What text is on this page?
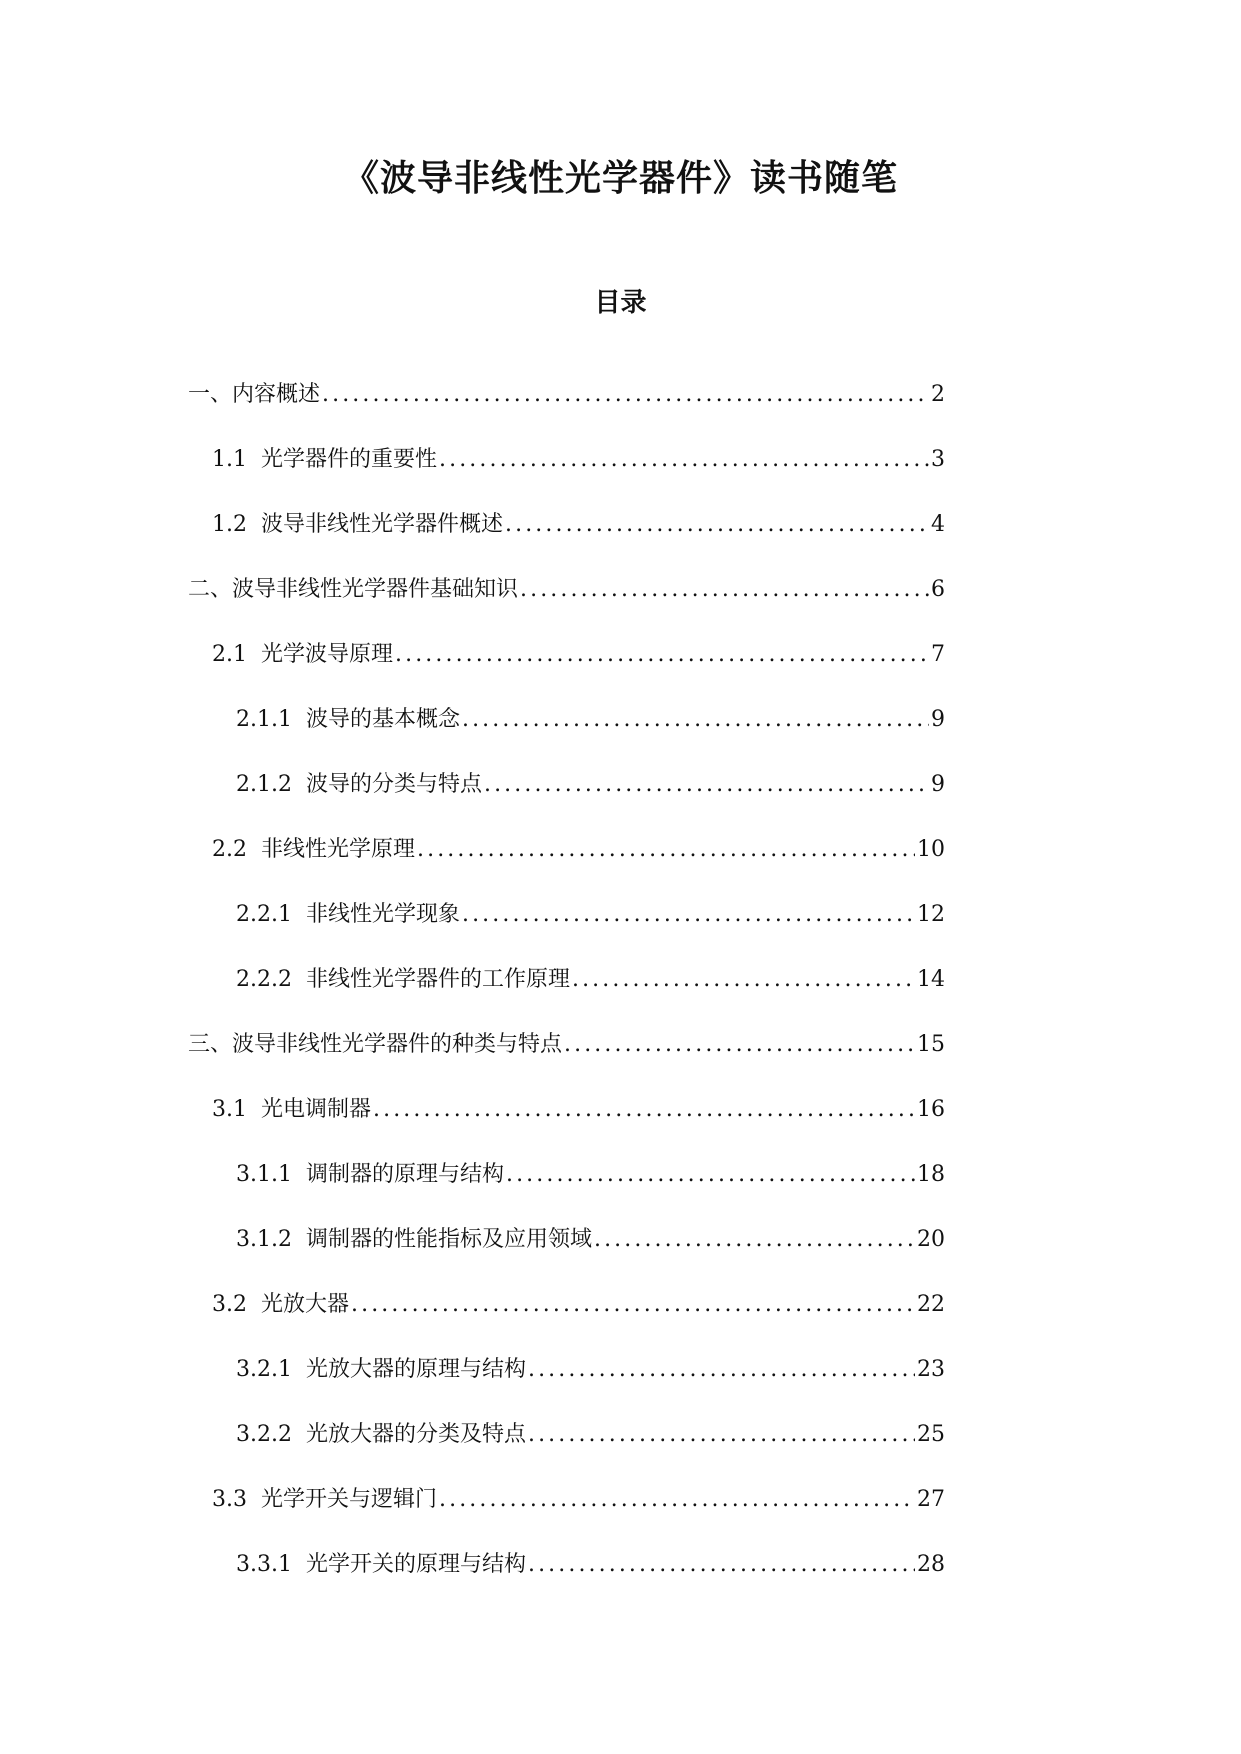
《波导非线性光学器件》读书随笔
目录
一、内容概述 .....	2
1.1 光学器件的重要性 .....	3
1.2 波导非线性光学器件概述 .....	4
二、波导非线性光学器件基础知识 .....	6
2.1 光学波导原理 .....	7
2.1.1 波导的基本概念 .....	9
2.1.2 波导的分类与特点 .....	9
2.2 非线性光学原理 .....	10
2.2.1 非线性光学现象 .....	12
2.2.2 非线性光学器件的工作原理 .....	14
三、波导非线性光学器件的种类与特点 .....	15
3.1 光电调制器 .....	16
3.1.1 调制器的原理与结构 .....	18
3.1.2 调制器的性能指标及应用领域 .....	20
3.2 光放大器 .....	22
3.2.1 光放大器的原理与结构 .....	23
3.2.2 光放大器的分类及特点 .....	25
3.3 光学开关与逻辑门 .....	27
3.3.1 光学开关的原理与结构 .....	28
